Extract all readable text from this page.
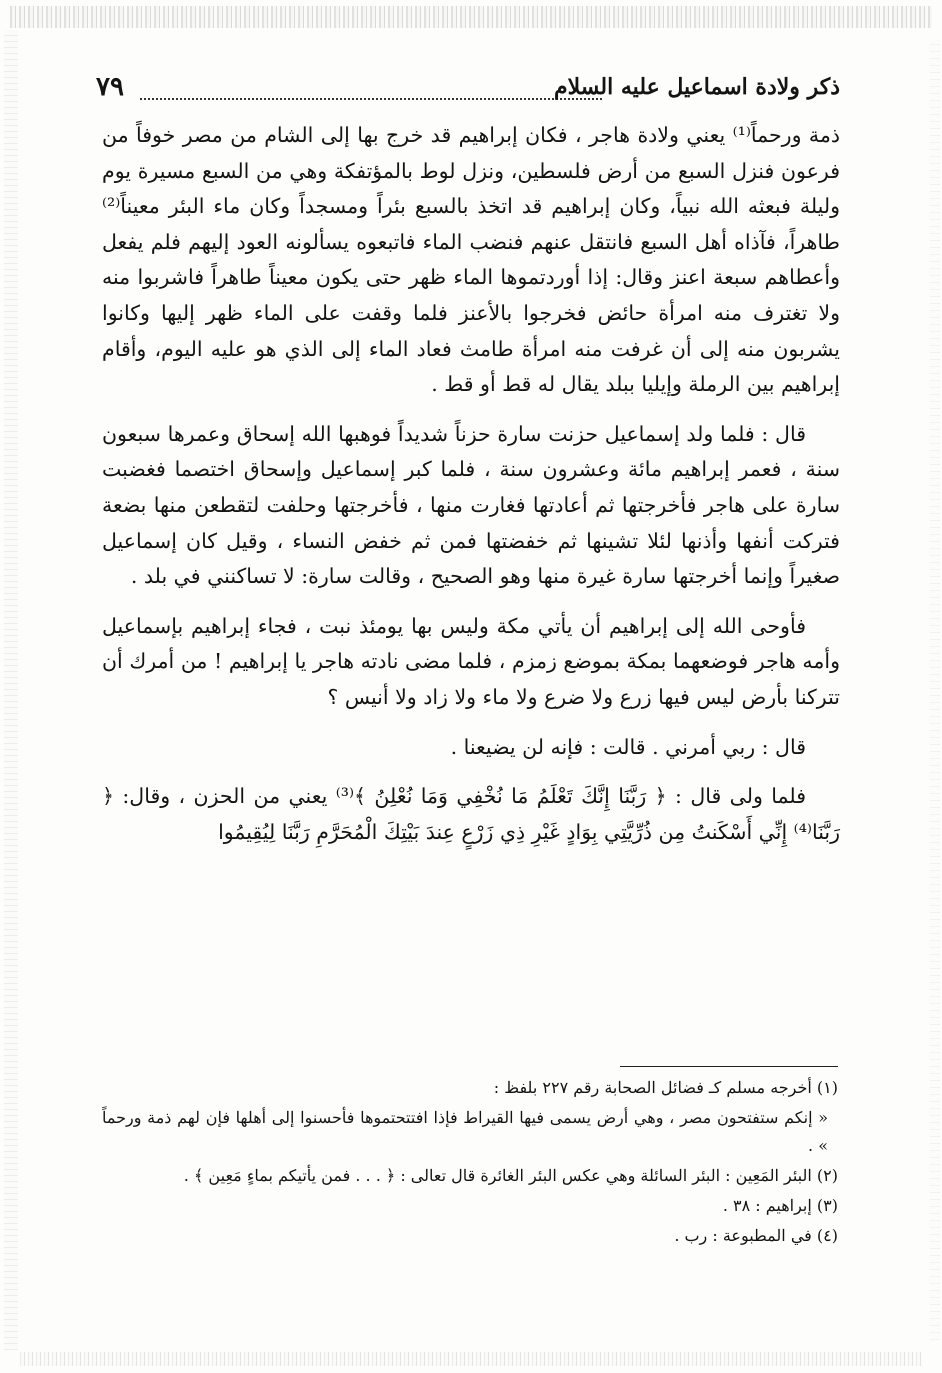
٧٩	ذكر ولادة اسماعيل عليه السلام

ذمة ورحماً⁽¹⁾ يعني ولادة هاجر ، فكان إبراهيم قد خرج بها إلى الشام من مصر خوفاً من فرعون فنزل السبع من أرض فلسطين، ونزل لوط بالمؤتفكة وهي من السبع مسيرة يوم وليلة فبعثه الله نبياً، وكان إبراهيم قد اتخذ بالسبع بئراً ومسجداً وكان ماء البئر معيناً⁽²⁾ طاهراً، فآذاه أهل السبع فانتقل عنهم فنضب الماء فاتبعوه يسألونه العود إليهم فلم يفعل وأعطاهم سبعة اعنز وقال: إذا أوردتموها الماء ظهر حتى يكون معيناً طاهراً فاشربوا منه ولا تغترف منه امرأة حائض فخرجوا بالأعنز فلما وقفت على الماء ظهر إليها وكانوا يشربون منه إلى أن غرفت منه امرأة طامث فعاد الماء إلى الذي هو عليه اليوم، وأقام إبراهيم بين الرملة وإيليا ببلد يقال له قط أو قط .

قال : فلما ولد إسماعيل حزنت سارة حزناً شديداً فوهبها الله إسحاق وعمرها سبعون سنة ، فعمر إبراهيم مائة وعشرون سنة ، فلما كبر إسماعيل وإسحاق اختصما فغضبت سارة على هاجر فأخرجتها ثم أعادتها فغارت منها ، فأخرجتها وحلفت لتقطعن منها بضعة فتركت أنفها وأذنها لئلا تشينها ثم خفضتها فمن ثم خفض النساء ، وقيل كان إسماعيل صغيراً وإنما أخرجتها سارة غيرة منها وهو الصحيح ، وقالت سارة: لا تساكنني في بلد .

فأوحى الله إلى إبراهيم أن يأتي مكة وليس بها يومئذ نبت ، فجاء إبراهيم بإسماعيل وأمه هاجر فوضعهما بمكة بموضع زمزم ، فلما مضى نادته هاجر يا إبراهيم ! من أمرك أن تتركنا بأرض ليس فيها زرع ولا ضرع ولا ماء ولا زاد ولا أنيس ؟

قال : ربي أمرني . قالت : فإنه لن يضيعنا .

فلما ولى قال : ﴿ رَبَّنَا إِنَّكَ تَعْلَمُ مَا نُخْفِي وَمَا نُعْلِنُ ﴾⁽³⁾ يعني من الحزن ، وقال: ﴿ رَبَّنَا⁽⁴⁾ إِنِّي أَسْكَنتُ مِن ذُرِّيَّتِي بِوَادٍ غَيْرِ ذِي زَرْعٍ عِندَ بَيْتِكَ الْمُحَرَّمِ رَبَّنَا لِيُقِيمُوا

(١) أخرجه مسلم كـ فضائل الصحابة رقم ٢٢٧ بلفظ :

« إنكم ستفتحون مصر ، وهي أرض يسمى فيها القيراط فإذا افتتحتموها فأحسنوا إلى أهلها فإن لهم ذمة ورحماً » .

(٢) البئر المَعِين : البئر السائلة وهي عكس البئر الغائرة قال تعالى : ﴿ . . . فمن يأتيكم بماءٍ مَعِين ﴾ .

(٣) إبراهيم : ٣٨ .

(٤) في المطبوعة : رب .
